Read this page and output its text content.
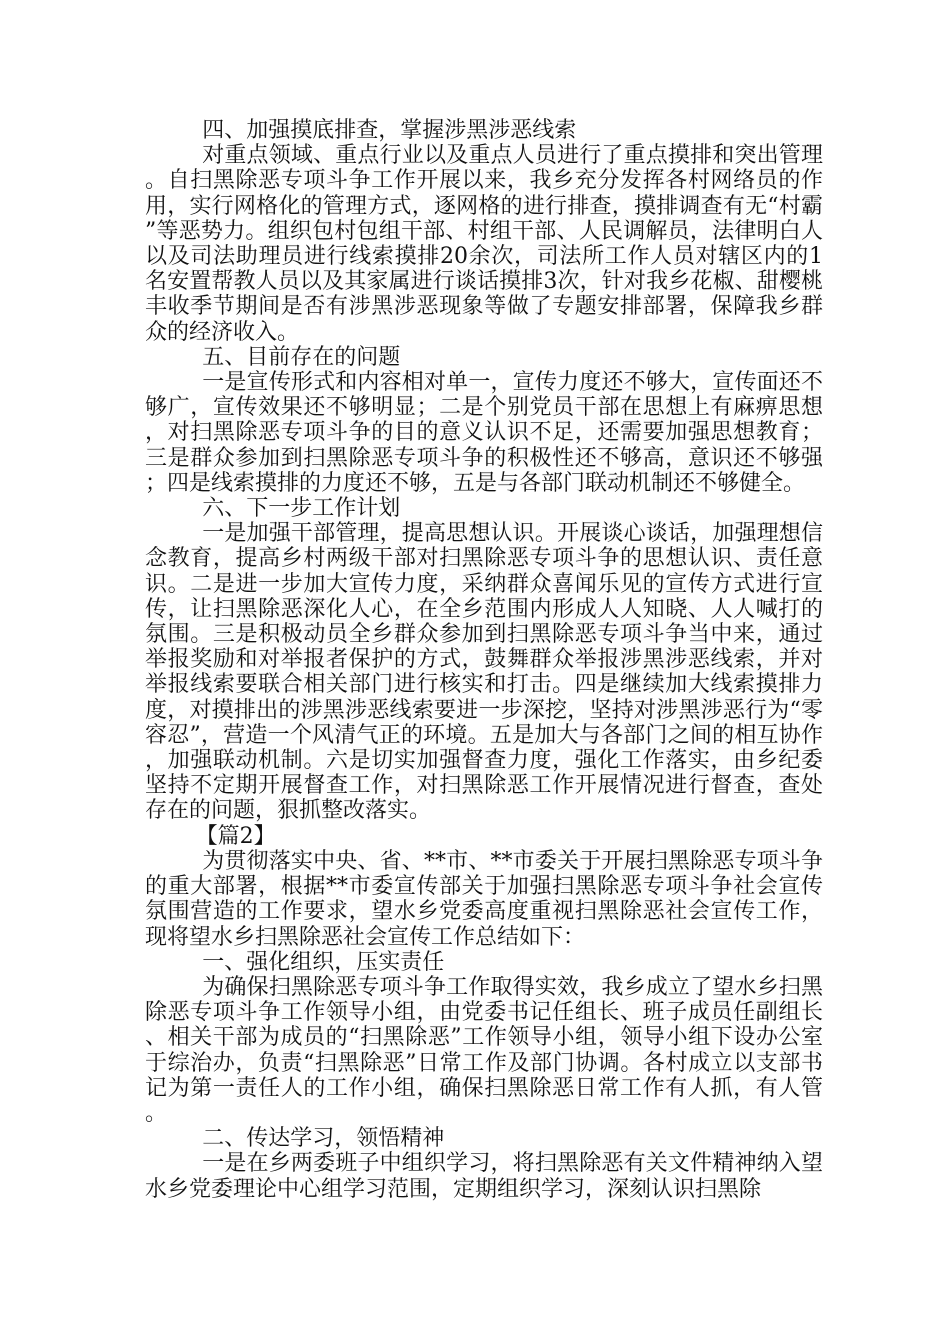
四、加强摸底排查，掌握涉黑涉恶线索

对重点领域、重点行业以及重点人员进行了重点摸排和突出管理。自扫黑除恶专项斗争工作开展以来，我乡充分发挥各村网络员的作用，实行网格化的管理方式，逐网格的进行排查，摸排调查有无“村霸”等恶势力。组织包村包组干部、村组干部、人民调解员，法律明白人以及司法助理员进行线索摸排20余次，司法所工作人员对辖区内的1名安置帮教人员以及其家属进行谈话摸排3次，针对我乡花椒、甜樱桃丰收季节期间是否有涉黑涉恶现象等做了专题安排部署，保障我乡群众的经济收入。

五、目前存在的问题

一是宣传形式和内容相对单一，宣传力度还不够大，宣传面还不够广，宣传效果还不够明显；二是个别党员干部在思想上有麻痹思想，对扫黑除恶专项斗争的目的意义认识不足，还需要加强思想教育；三是群众参加到扫黑除恶专项斗争的积极性还不够高，意识还不够强；四是线索摸排的力度还不够，五是与各部门联动机制还不够健全。

六、下一步工作计划

一是加强干部管理，提高思想认识。开展谈心谈话，加强理想信念教育，提高乡村两级干部对扫黑除恶专项斗争的思想认识、责任意识。二是进一步加大宣传力度，采纳群众喜闻乐见的宣传方式进行宣传，让扫黑除恶深化人心，在全乡范围内形成人人知晓、人人喊打的氛围。三是积极动员全乡群众参加到扫黑除恶专项斗争当中来，通过举报奖励和对举报者保护的方式，鼓舞群众举报涉黑涉恶线索，并对举报线索要联合相关部门进行核实和打击。四是继续加大线索摸排力度，对摸排出的涉黑涉恶线索要进一步深挖，坚持对涉黑涉恶行为“零容忍”，营造一个风清气正的环境。五是加大与各部门之间的相互协作，加强联动机制。六是切实加强督查力度，强化工作落实，由乡纪委坚持不定期开展督查工作，对扫黑除恶工作开展情况进行督查，查处存在的问题，狠抓整改落实。

【篇2】

为贯彻落实中央、省、**市、**市委关于开展扫黑除恶专项斗争的重大部署，根据**市委宣传部关于加强扫黑除恶专项斗争社会宣传氛围营造的工作要求，望水乡党委高度重视扫黑除恶社会宣传工作，现将望水乡扫黑除恶社会宣传工作总结如下：

一、强化组织，压实责任

为确保扫黑除恶专项斗争工作取得实效，我乡成立了望水乡扫黑除恶专项斗争工作领导小组，由党委书记任组长、班子成员任副组长、相关干部为成员的“扫黑除恶”工作领导小组，领导小组下设办公室于综治办，负责“扫黑除恶”日常工作及部门协调。各村成立以支部书记为第一责任人的工作小组，确保扫黑除恶日常工作有人抓，有人管。

二、传达学习，领悟精神

一是在乡两委班子中组织学习，将扫黑除恶有关文件精神纳入望水乡党委理论中心组学习范围，定期组织学习，深刻认识扫黑除
